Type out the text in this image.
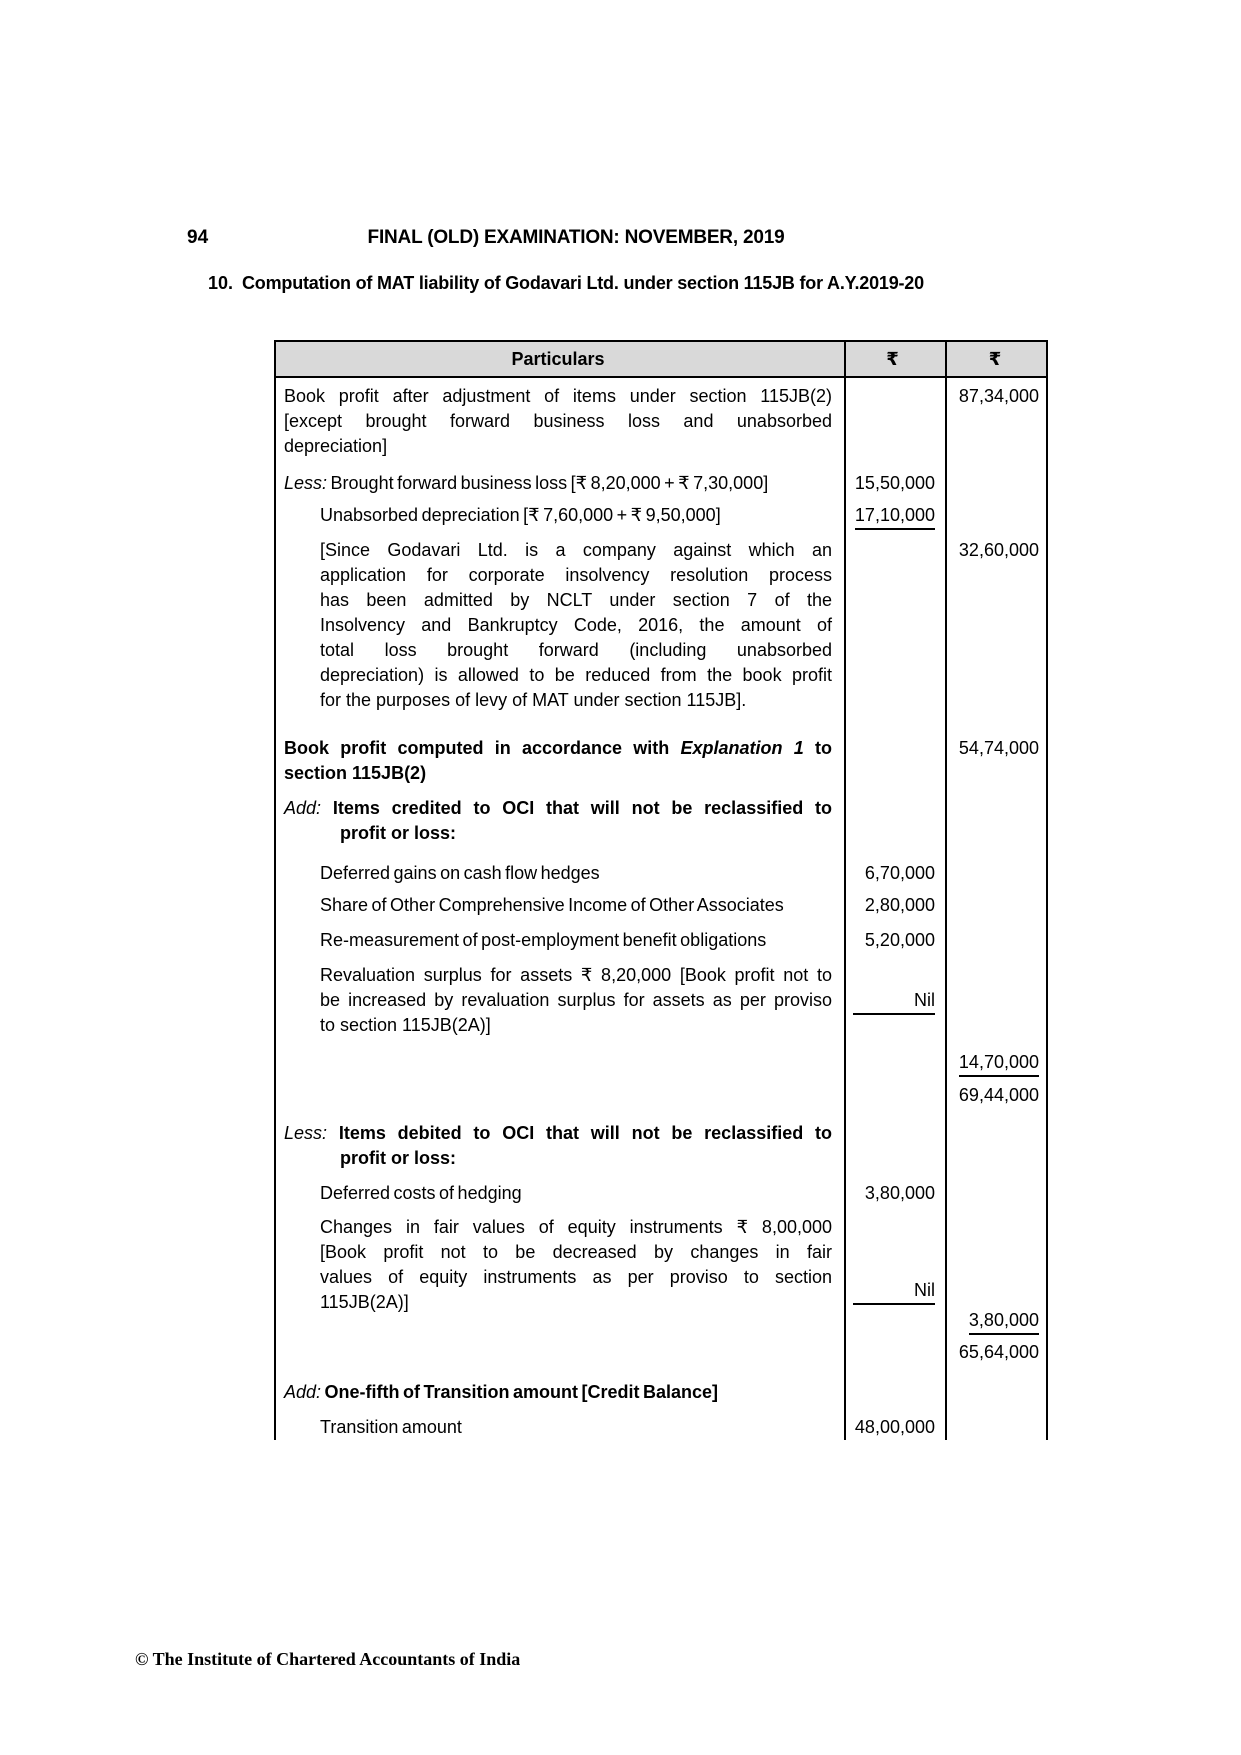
94	FINAL (OLD) EXAMINATION: NOVEMBER, 2019
10. Computation of MAT liability of Godavari Ltd. under section 115JB for A.Y.2019-20
Particulars	₹	₹

Book profit after adjustment of items under section 115JB(2)
[except brought forward business loss and unabsorbed
depreciation]		87,34,000

Less: Brought forward business loss [₹ 8,20,000 + ₹ 7,30,000]	15,50,000	

Unabsorbed depreciation [₹ 7,60,000 + ₹ 9,50,000]	17,10,000	

[Since Godavari Ltd. is a company against which an
application for corporate insolvency resolution process
has been admitted by NCLT under section 7 of the
Insolvency and Bankruptcy Code, 2016, the amount of
total loss brought forward (including unabsorbed
depreciation) is allowed to be reduced from the book profit
for the purposes of levy of MAT under section 115JB].
		32,60,000

Book profit computed in accordance with Explanation 1 to
section 115JB(2)		54,74,000

Add: Items credited to OCI that will not be reclassified to
profit or loss:		

Deferred gains on cash flow hedges	6,70,000	

Share of Other Comprehensive Income of Other Associates	2,80,000	

Re-measurement of post-employment benefit obligations	5,20,000	

Revaluation surplus for assets ₹ 8,20,000 [Book profit not to
be increased by revaluation surplus for assets as per proviso
to section 115JB(2A)]	Nil	
		14,70,000
		69,44,000

Less: Items debited to OCI that will not be reclassified to
profit or loss:		

Deferred costs of hedging	3,80,000	

Changes in fair values of equity instruments ₹ 8,00,000
[Book profit not to be decreased by changes in fair
values of equity instruments as per proviso to section
115JB(2A)]	Nil	3,80,000
		65,64,000

Add: One-fifth of Transition amount [Credit Balance]		

Transition amount	48,00,000	
© The Institute of Chartered Accountants of India
